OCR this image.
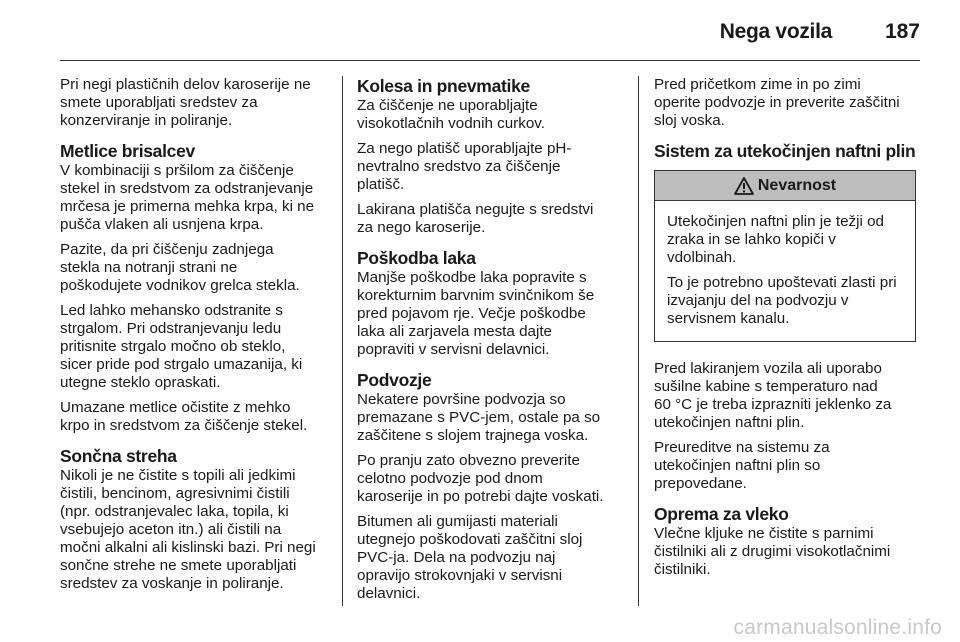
Nega vozila	187

Pri negi plastičnih delov karoserije ne
smete uporabljati sredstev za
konzerviranje in poliranje.

Metlice brisalcev

V kombinaciji s pršilom za čiščenje
stekel in sredstvom za odstranjevanje
mrčesa je primerna mehka krpa, ki ne
pušča vlaken ali usnjena krpa.

Pazite, da pri čiščenju zadnjega
stekla na notranji strani ne
poškodujete vodnikov grelca stekla.

Led lahko mehansko odstranite s
strgalom. Pri odstranjevanju ledu
pritisnite strgalo močno ob steklo,
sicer pride pod strgalo umazanija, ki
utegne steklo opraskati.

Umazane metlice očistite z mehko
krpo in sredstvom za čiščenje stekel.

Sončna streha

Nikoli je ne čistite s topili ali jedkimi
čistili, bencinom, agresivnimi čistili
(npr. odstranjevalec laka, topila, ki
vsebujejo aceton itn.) ali čistili na
močni alkalni ali kislinski bazi. Pri negi
sončne strehe ne smete uporabljati
sredstev za voskanje in poliranje.

Kolesa in pnevmatike

Za čiščenje ne uporabljajte
visokotlačnih vodnih curkov.

Za nego platišč uporabljajte pH-
nevtralno sredstvo za čiščenje
platišč.

Lakirana platišča negujte s sredstvi
za nego karoserije.

Poškodba laka

Manjše poškodbe laka popravite s
korekturnim barvnim svinčnikom še
pred pojavom rje. Večje poškodbe
laka ali zarjavela mesta dajte
popraviti v servisni delavnici.

Podvozje

Nekatere površine podvozja so
premazane s PVC-jem, ostale pa so
zaščitene s slojem trajnega voska.

Po pranju zato obvezno preverite
celotno podvozje pod dnom
karoserije in po potrebi dajte voskati.

Bitumen ali gumijasti materiali
utegnejo poškodovati zaščitni sloj
PVC-ja. Dela na podvozju naj
opravijo strokovnjaki v servisni
delavnici.

Pred pričetkom zime in po zimi
operite podvozje in preverite zaščitni
sloj voska.

Sistem za utekočinjen naftni plin
Nevarnost

Utekočinjen naftni plin je težji od
zraka in se lahko kopiči v
vdolbinah.

To je potrebno upoštevati zlasti pri
izvajanju del na podvozju v
servisnem kanalu.

Pred lakiranjem vozila ali uporabo
sušilne kabine s temperaturo nad
60 °C je treba izprazniti jeklenko za
utekočinjen naftni plin.

Preureditve na sistemu za
utekočinjen naftni plin so
prepovedane.

Oprema za vleko

Vlečne kljuke ne čistite s parnimi
čistilniki ali z drugimi visokotlačnimi
čistilniki.

carmanualsonline.info
